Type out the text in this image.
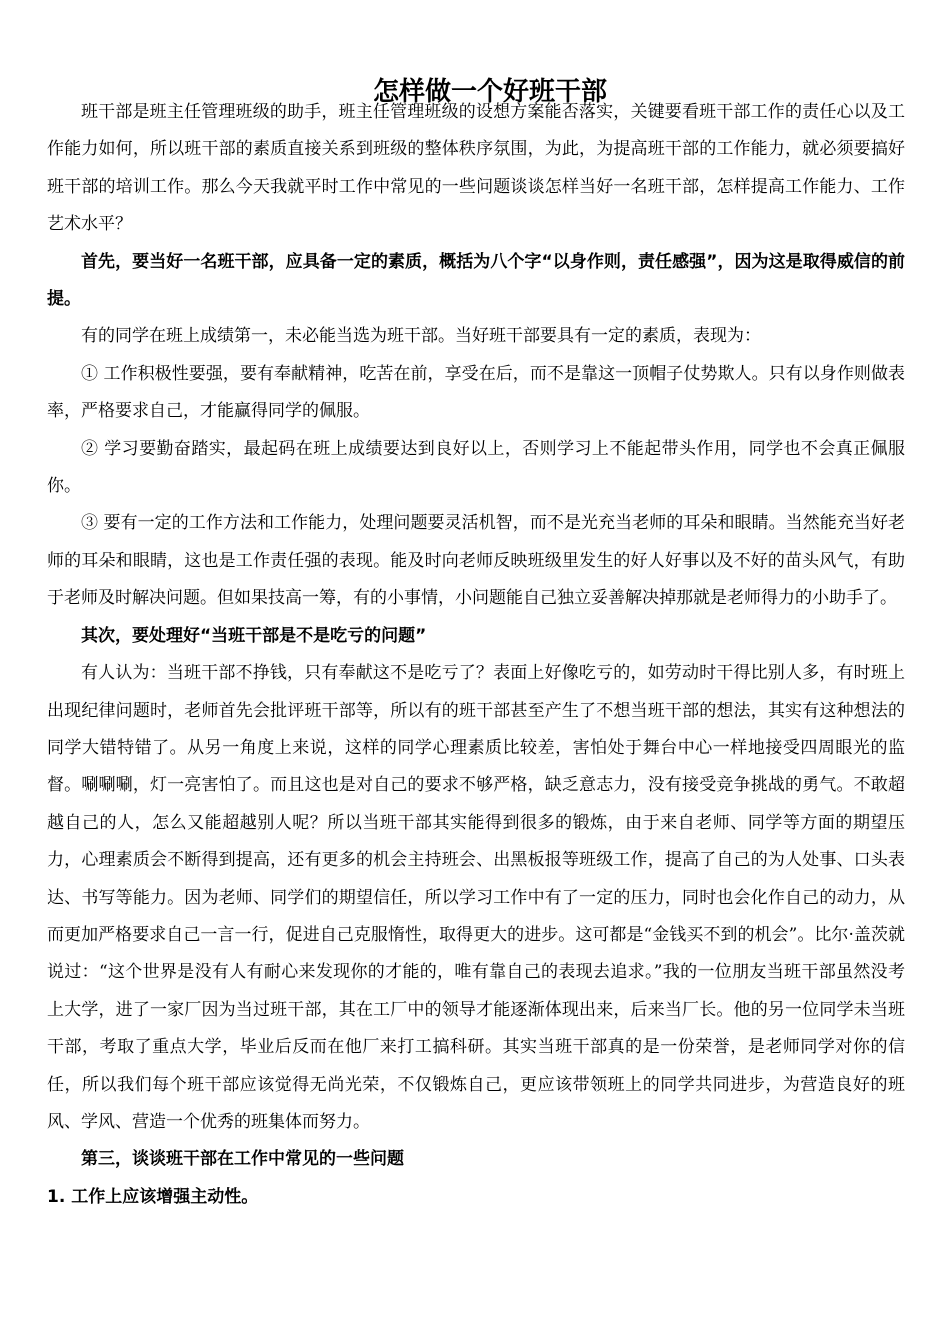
怎样做一个好班干部

班干部是班主任管理班级的助手，班主任管理班级的设想方案能否落实，关键要看班干部工作的责任心以及工作能力如何，所以班干部的素质直接关系到班级的整体秩序氛围，为此，为提高班干部的工作能力，就必须要搞好班干部的培训工作。那么今天我就平时工作中常见的一些问题谈谈怎样当好一名班干部，怎样提高工作能力、工作艺术水平？

首先，要当好一名班干部，应具备一定的素质，概括为八个字“以身作则，责任感强”，因为这是取得威信的前提。

有的同学在班上成绩第一，未必能当选为班干部。当好班干部要具有一定的素质，表现为：

① 工作积极性要强，要有奉献精神，吃苦在前，享受在后，而不是靠这一顶帽子仗势欺人。只有以身作则做表率，严格要求自己，才能赢得同学的佩服。

② 学习要勤奋踏实，最起码在班上成绩要达到良好以上，否则学习上不能起带头作用，同学也不会真正佩服你。

③ 要有一定的工作方法和工作能力，处理问题要灵活机智，而不是光充当老师的耳朵和眼睛。当然能充当好老师的耳朵和眼睛，这也是工作责任强的表现。能及时向老师反映班级里发生的好人好事以及不好的苗头风气，有助于老师及时解决问题。但如果技高一筹，有的小事情，小问题能自己独立妥善解决掉那就是老师得力的小助手了。

其次，要处理好“当班干部是不是吃亏的问题”

有人认为：当班干部不挣钱，只有奉献这不是吃亏了？表面上好像吃亏的，如劳动时干得比别人多，有时班上出现纪律问题时，老师首先会批评班干部等，所以有的班干部甚至产生了不想当班干部的想法，其实有这种想法的同学大错特错了。从另一角度上来说，这样的同学心理素质比较差，害怕处于舞台中心一样地接受四周眼光的监督。唰唰唰，灯一亮害怕了。而且这也是对自己的要求不够严格，缺乏意志力，没有接受竞争挑战的勇气。不敢超越自己的人，怎么又能超越别人呢？所以当班干部其实能得到很多的锻炼，由于来自老师、同学等方面的期望压力，心理素质会不断得到提高，还有更多的机会主持班会、出黑板报等班级工作，提高了自己的为人处事、口头表达、书写等能力。因为老师、同学们的期望信任，所以学习工作中有了一定的压力，同时也会化作自己的动力，从而更加严格要求自己一言一行，促进自己克服惰性，取得更大的进步。这可都是“金钱买不到的机会”。比尔·盖茨就说过：“这个世界是没有人有耐心来发现你的才能的，唯有靠自己的表现去追求。”我的一位朋友当班干部虽然没考上大学，进了一家厂因为当过班干部，其在工厂中的领导才能逐渐体现出来，后来当厂长。他的另一位同学未当班干部，考取了重点大学，毕业后反而在他厂来打工搞科研。其实当班干部真的是一份荣誉，是老师同学对你的信任，所以我们每个班干部应该觉得无尚光荣，不仅锻炼自己，更应该带领班上的同学共同进步，为营造良好的班风、学风、营造一个优秀的班集体而努力。

第三，谈谈班干部在工作中常见的一些问题

1. 工作上应该增强主动性。
